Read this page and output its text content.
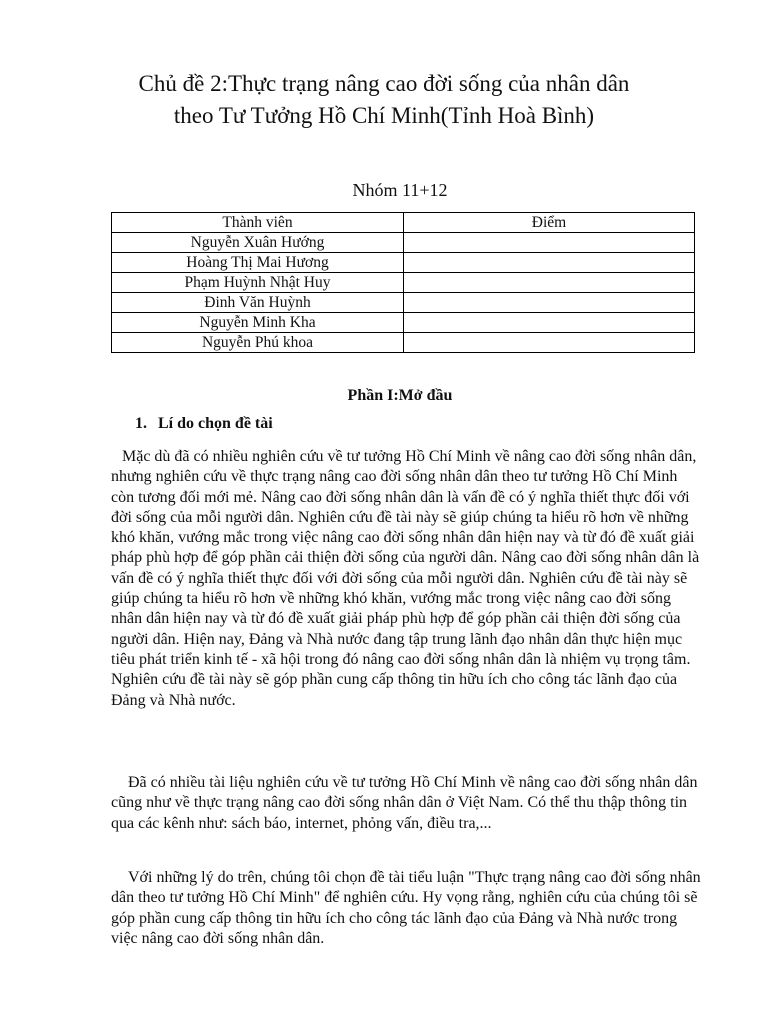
Chủ đề 2:Thực trạng nâng cao đời sống của nhân dân
theo Tư Tưởng Hồ Chí Minh(Tỉnh Hoà Bình)
Nhóm 11+12
Thành viên	Điểm
Nguyễn Xuân Hướng	
Hoàng Thị Mai Hương	
Phạm Huỳnh Nhật Huy	
Đinh Văn Huỳnh	
Nguyễn Minh Kha	
Nguyễn Phú khoa	
Phần I:Mở đầu
1. Lí do chọn đề tài

Mặc dù đã có nhiều nghiên cứu về tư tưởng Hồ Chí Minh về nâng cao đời sống nhân dân, nhưng nghiên cứu về thực trạng nâng cao đời sống nhân dân theo tư tưởng Hồ Chí Minh còn tương đối mới mẻ. Nâng cao đời sống nhân dân là vấn đề có ý nghĩa thiết thực đối với đời sống của mỗi người dân. Nghiên cứu đề tài này sẽ giúp chúng ta hiểu rõ hơn về những khó khăn, vướng mắc trong việc nâng cao đời sống nhân dân hiện nay và từ đó đề xuất giải pháp phù hợp để góp phần cải thiện đời sống của người dân. Nâng cao đời sống nhân dân là vấn đề có ý nghĩa thiết thực đối với đời sống của mỗi người dân. Nghiên cứu đề tài này sẽ giúp chúng ta hiểu rõ hơn về những khó khăn, vướng mắc trong việc nâng cao đời sống nhân dân hiện nay và từ đó đề xuất giải pháp phù hợp để góp phần cải thiện đời sống của người dân. Hiện nay, Đảng và Nhà nước đang tập trung lãnh đạo nhân dân thực hiện mục tiêu phát triển kinh tế - xã hội trong đó nâng cao đời sống nhân dân là nhiệm vụ trọng tâm. Nghiên cứu đề tài này sẽ góp phần cung cấp thông tin hữu ích cho công tác lãnh đạo của Đảng và Nhà nước.

Đã có nhiều tài liệu nghiên cứu về tư tưởng Hồ Chí Minh về nâng cao đời sống nhân dân cũng như về thực trạng nâng cao đời sống nhân dân ở Việt Nam. Có thể thu thập thông tin qua các kênh như: sách báo, internet, phỏng vấn, điều tra,...

Với những lý do trên, chúng tôi chọn đề tài tiểu luận "Thực trạng nâng cao đời sống nhân dân theo tư tưởng Hồ Chí Minh" để nghiên cứu. Hy vọng rằng, nghiên cứu của chúng tôi sẽ góp phần cung cấp thông tin hữu ích cho công tác lãnh đạo của Đảng và Nhà nước trong việc nâng cao đời sống nhân dân.
